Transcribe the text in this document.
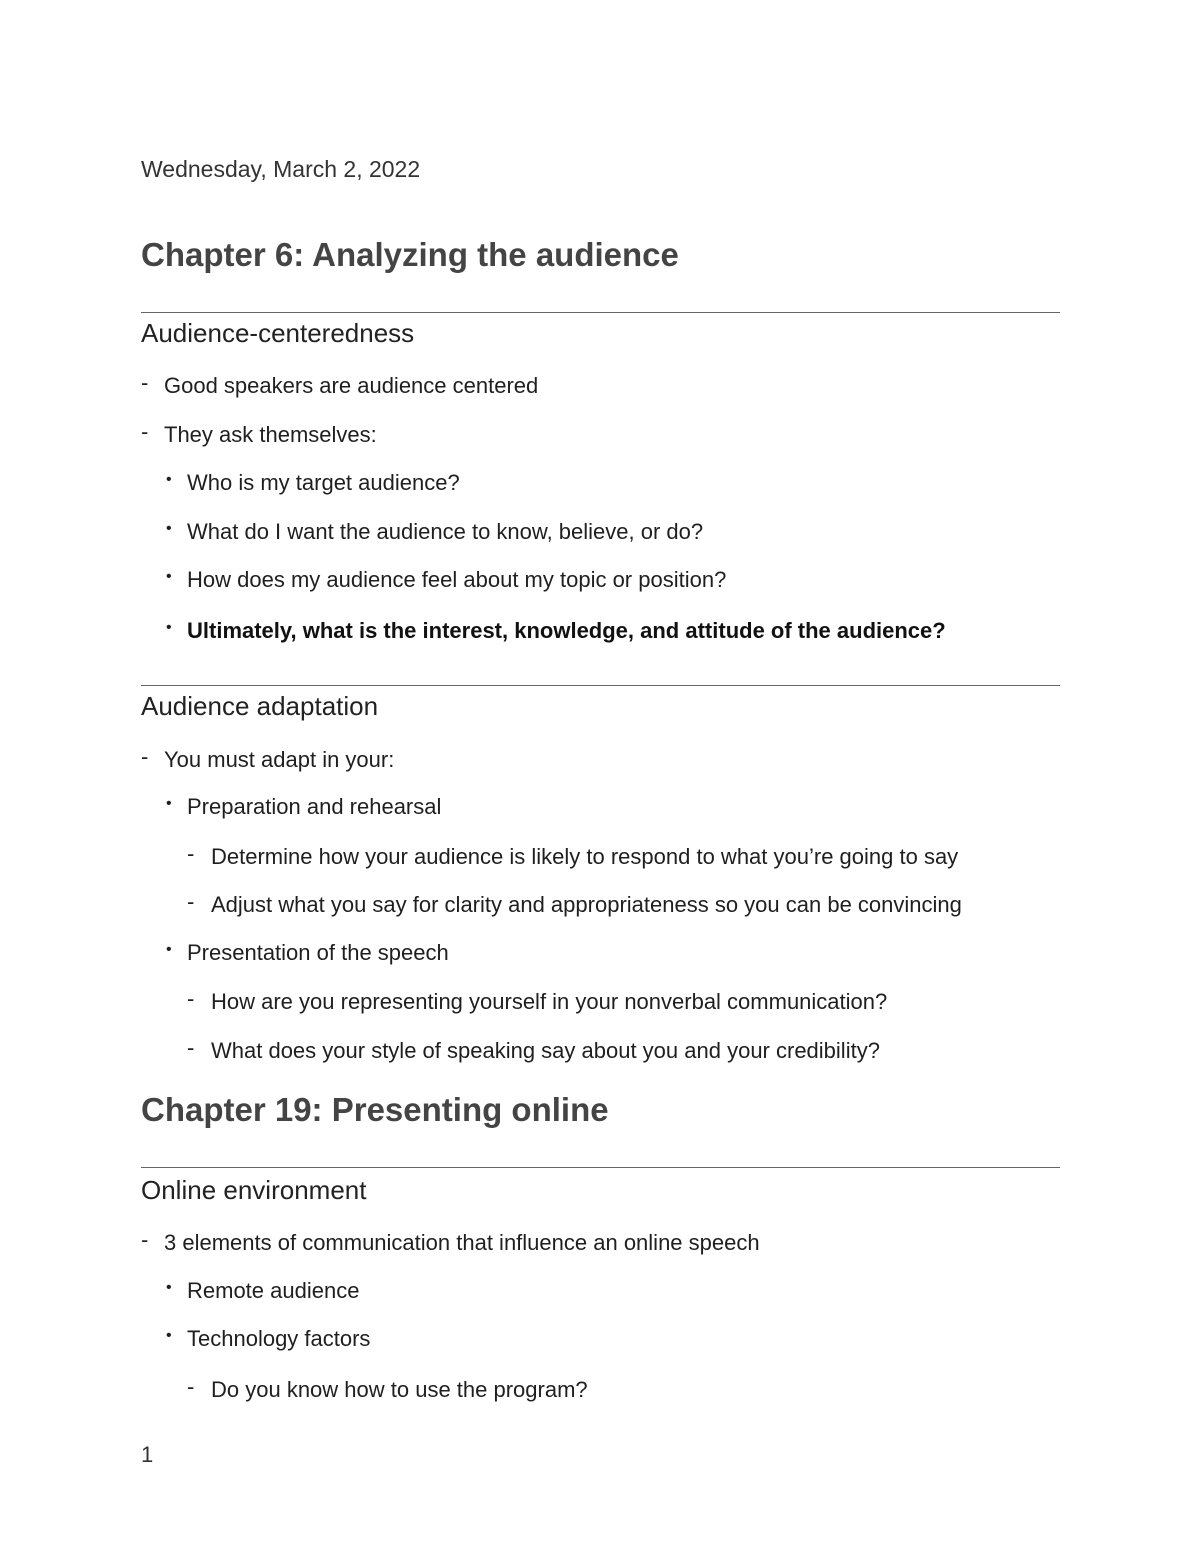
Wednesday, March 2, 2022
Chapter 6: Analyzing the audience
Audience-centeredness
- Good speakers are audience centered
- They ask themselves:
• Who is my target audience?
• What do I want the audience to know, believe, or do?
• How does my audience feel about my topic or position?
• Ultimately, what is the interest, knowledge, and attitude of the audience?
Audience adaptation
- You must adapt in your:
• Preparation and rehearsal
- Determine how your audience is likely to respond to what you’re going to say
- Adjust what you say for clarity and appropriateness so you can be convincing
• Presentation of the speech
- How are you representing yourself in your nonverbal communication?
- What does your style of speaking say about you and your credibility?
Chapter 19: Presenting online
Online environment
- 3 elements of communication that influence an online speech
• Remote audience
• Technology factors
- Do you know how to use the program?
1
